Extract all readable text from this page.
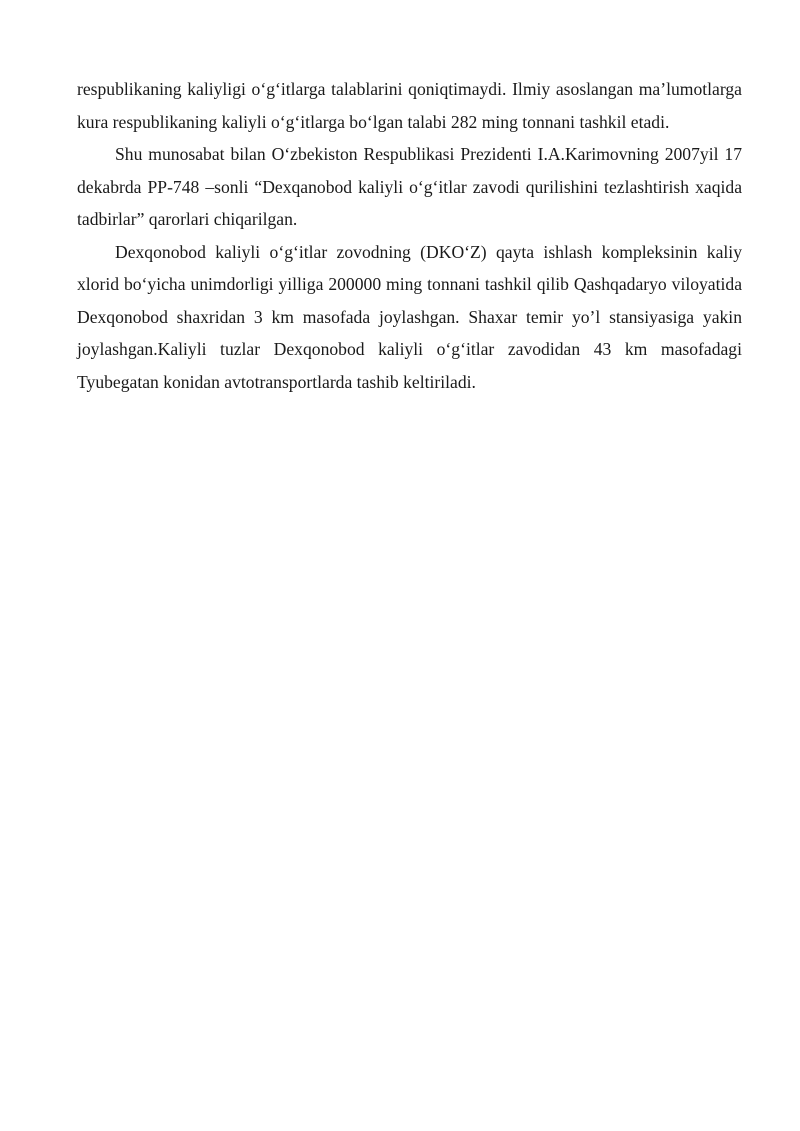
respublikaning kaliyligi o‘g‘itlarga talablarini qoniqtimaydi. Ilmiy asoslangan ma’lumotlarga kura respublikaning kaliyli o‘g‘itlarga bo‘lgan talabi 282 ming tonnani tashkil etadi.

Shu munosabat bilan O‘zbekiston Respublikasi Prezidenti I.A.Karimovning 2007yil 17 dekabrda PP-748 –sonli “Dexqanobod kaliyli o‘g‘itlar zavodi qurilishini tezlashtirish xaqida tadbirlar” qarorlari chiqarilgan.

Dexqonobod kaliyli o‘g‘itlar zovodning (DKO‘Z) qayta ishlash kompleksinin kaliy xlorid bo‘yicha unimdorligi yilliga 200000 ming tonnani tashkil qilib Qashqadaryo viloyatida Dexqonobod shaxridan 3 km masofada joylashgan. Shaxar temir yo’l stansiyasiga yakin joylashgan.Kaliyli tuzlar Dexqonobod kaliyli o‘g‘itlar zavodidan 43 km masofadagi Tyubegatan konidan avtotransportlarda tashib keltiriladi.
